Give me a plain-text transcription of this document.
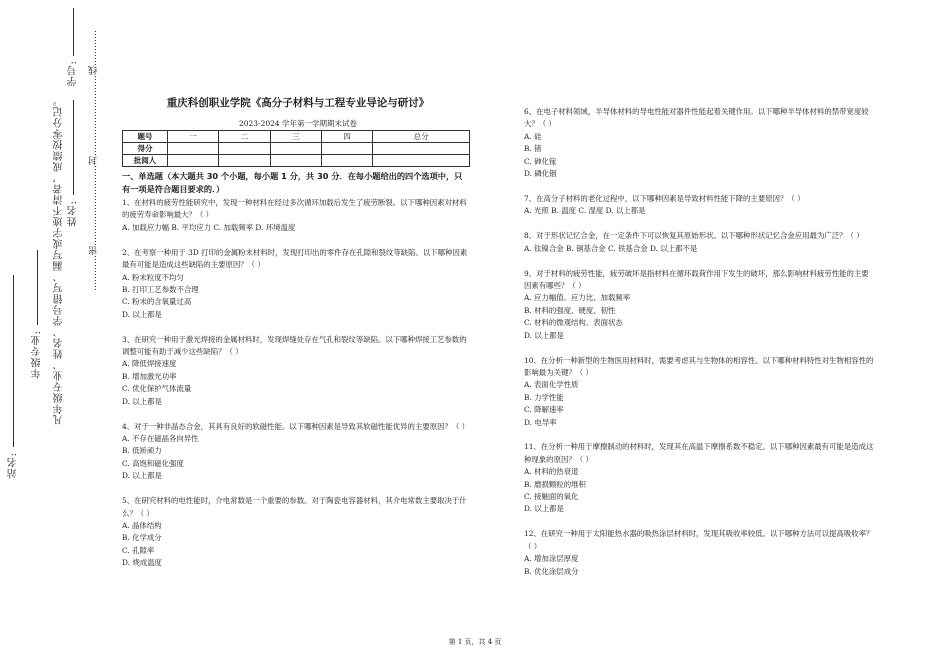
站名:
年级专业: 凡年级专业、姓名、学号错写、漏写或字迹不清者，成绩按零分记。 姓名:
学号: …………密………………………封………………………线…………	重庆科创职业学院《高分子材料与工程专业导论与研讨》
2023-2024 学年第一学期期末试卷
题号	一	二	三	四	总分
得分					
批阅人					
一、单选题（本大题共 30 个小题，每小题 1 分，共 30 分．在每小题给出的四个选项中，只有一项是符合题目要求的．）
1、在材料的疲劳性能研究中，发现一种材料在经过多次循环加载后发生了疲劳断裂。以下哪种因素对材料的疲劳寿命影响最大？（ ）
A. 加载应力幅 B. 平均应力 C. 加载频率 D. 环境温度
2、在考察一种用于 3D 打印的金属粉末材料时，发现打印出的零件存在孔隙和裂纹等缺陷。以下哪种因素最有可能是造成这些缺陷的主要原因？（ ）
A. 粉末粒度不均匀
B. 打印工艺参数不合理
C. 粉末的含氧量过高
D. 以上都是
3、在研究一种用于激光焊接的金属材料时，发现焊缝处存在气孔和裂纹等缺陷。以下哪种焊接工艺参数的调整可能有助于减少这些缺陷？（ ）
A. 降低焊接速度
B. 增加激光功率
C. 优化保护气体流量
D. 以上都是
4、对于一种非晶态合金，其具有良好的软磁性能。以下哪种因素是导致其软磁性能优异的主要原因？（ ）
A. 不存在磁晶各向异性
B. 低矫顽力
C. 高饱和磁化强度
D. 以上都是
5、在研究材料的电性能时，介电常数是一个重要的参数。对于陶瓷电容器材料，其介电常数主要取决于什么？（ ）
A. 晶体结构
B. 化学成分
C. 孔隙率
D. 烧成温度
6、在电子材料领域，半导体材料的导电性能对器件性能起着关键作用。以下哪种半导体材料的禁带宽度较大？（ ）
A. 硅
B. 锗
C. 砷化镓
D. 磷化铟
7、在高分子材料的老化过程中，以下哪种因素是导致材料性能下降的主要原因？（ ）
A. 光照 B. 温度 C. 湿度 D. 以上都是
8、对于形状记忆合金，在一定条件下可以恢复其原始形状。以下哪种形状记忆合金应用最为广泛？（ ）
A. 钛镍合金 B. 铜基合金 C. 铁基合金 D. 以上都不是
9、对于材料的疲劳性能，疲劳破坏是指材料在循环载荷作用下发生的破坏，那么影响材料疲劳性能的主要因素有哪些？（ ）
A. 应力幅值、应力比、加载频率
B. 材料的强度、硬度、韧性
C. 材料的微观结构、表面状态
D. 以上都是
10、在分析一种新型的生物医用材料时，需要考虑其与生物体的相容性。以下哪种材料特性对生物相容性的影响最为关键？（ ）
A. 表面化学性质
B. 力学性能
C. 降解速率
D. 电导率
11、在分析一种用于摩擦制动的材料时，发现其在高温下摩擦系数不稳定。以下哪种因素最有可能是造成这种现象的原因？（ ）
A. 材料的热衰退
B. 磨损颗粒的堆积
C. 接触面的氧化
D. 以上都是
12、在研究一种用于太阳能热水器的吸热涂层材料时，发现其吸收率较低。以下哪种方法可以提高吸收率？（ ）
A. 增加涂层厚度
B. 优化涂层成分
第 1 页，共 4 页
